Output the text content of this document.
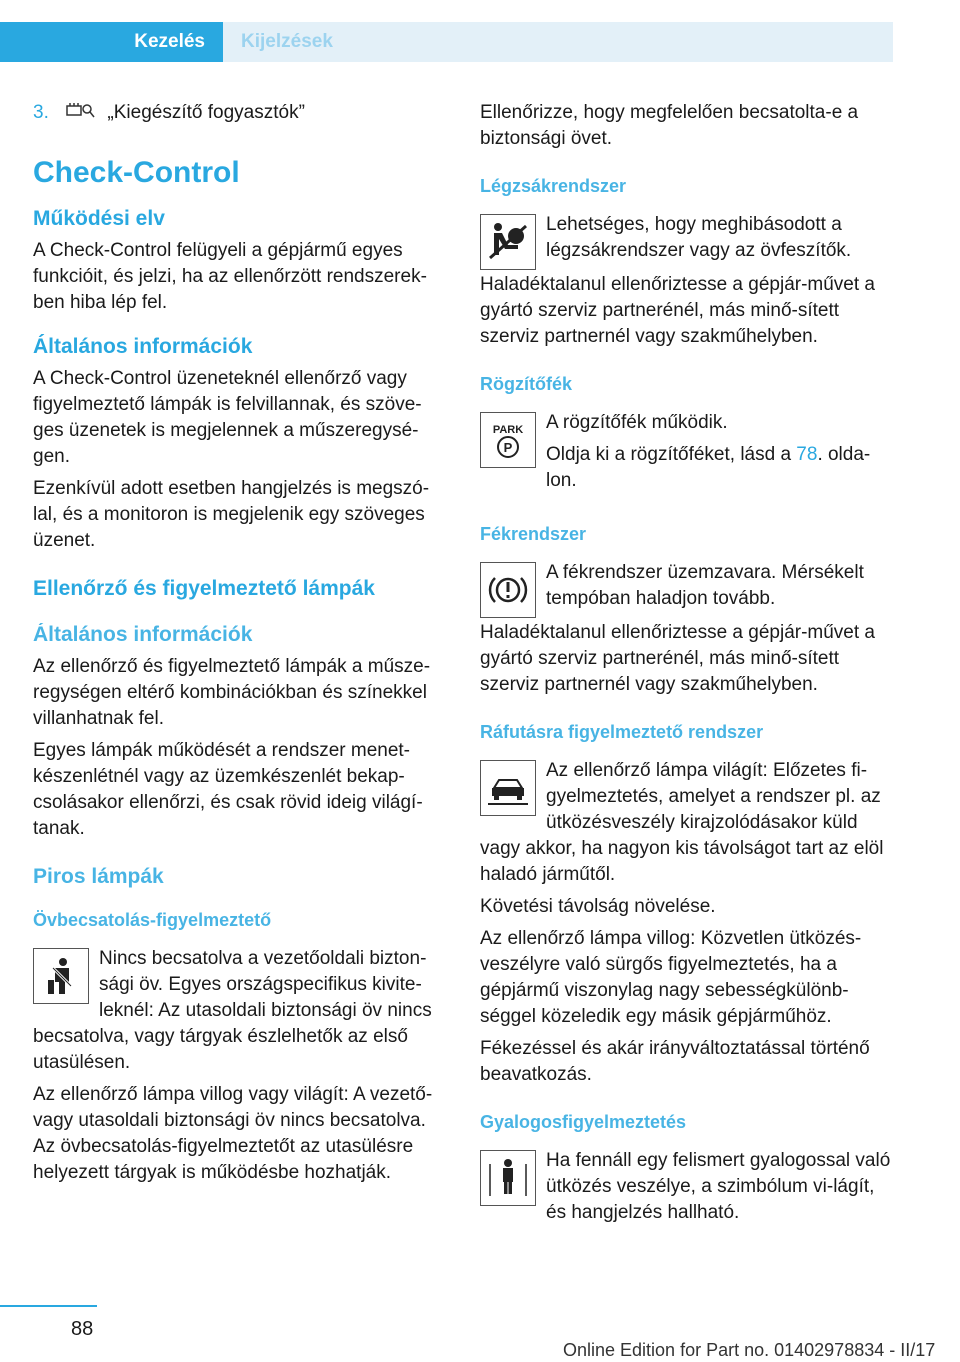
Kezelés Kijelzések

3.	„Kiegészítő fogyasztók”

Check-Control
Működési elv

A Check-Control felügyeli a gépjármű egyes funkcióit, és jelzi, ha az ellenőrzött rendszerek-ben hiba lép fel.

Általános információk

A Check-Control üzeneteknél ellenőrző vagy figyelmeztető lámpák is felvillannak, és szöve-ges üzenetek is megjelennek a műszeregysé-gen.

Ezenkívül adott esetben hangjelzés is megszó-lal, és a monitoron is megjelenik egy szöveges üzenet.

Ellenőrző és figyelmeztető lámpák
Általános információk

Az ellenőrző és figyelmeztető lámpák a műsze-regységen eltérő kombinációkban és színekkel villanhatnak fel.

Egyes lámpák működését a rendszer menet-készenlétnél vagy az üzemkészenlét bekap-csolásakor ellenőrzi, és csak rövid ideig világí-tanak.

Piros lámpák
Övbecsatolás-figyelmeztető

Nincs becsatolva a vezetőoldali bizton-sági öv. Egyes országspecifikus kivite-leknél: Az utasoldali biztonsági öv nincs becsatolva, vagy tárgyak észlelhetők az első utasülésen.

Az ellenőrző lámpa villog vagy világít: A vezető- vagy utasoldali biztonsági öv nincs becsatolva. Az övbecsatolás-figyelmeztetőt az utasülésre helyezett tárgyak is működésbe hozhatják.

Ellenőrizze, hogy megfelelően becsatolta-e a biztonsági övet.

Légzsákrendszer

Lehetséges, hogy meghibásodott a légzsákrendszer vagy az övfeszítők.

Haladéktalanul ellenőriztesse a gépjár-művet a gyártó szerviz partnerénél, más minő-sített szerviz partnernél vagy szakműhelyben.

Rögzítőfék
PARK
P

A rögzítőfék működik.

Oldja ki a rögzítőféket, lásd a 78. olda-lon.

Fékrendszer

A fékrendszer üzemzavara. Mérsékelt tempóban haladjon tovább.

Haladéktalanul ellenőriztesse a gépjár-művet a gyártó szerviz partnerénél, más minő-sített szerviz partnernél vagy szakműhelyben.

Ráfutásra figyelmeztető rendszer

Az ellenőrző lámpa világít: Előzetes fi-gyelmeztetés, amelyet a rendszer pl. az ütközésveszély kirajzolódásakor küld vagy akkor, ha nagyon kis távolságot tart az elöl haladó járműtől.

Követési távolság növelése.

Az ellenőrző lámpa villog: Közvetlen ütközés-veszélyre való sürgős figyelmeztetés, ha a gépjármű viszonylag nagy sebességkülönb-séggel közeledik egy másik gépjárműhöz.

Fékezéssel és akár irányváltoztatással történő beavatkozás.

Gyalogosfigyelmeztetés

Ha fennáll egy felismert gyalogossal való ütközés veszélye, a szimbólum vi-lágít, és hangjelzés hallható.

88
Online Edition for Part no. 01402978834 - II/17
